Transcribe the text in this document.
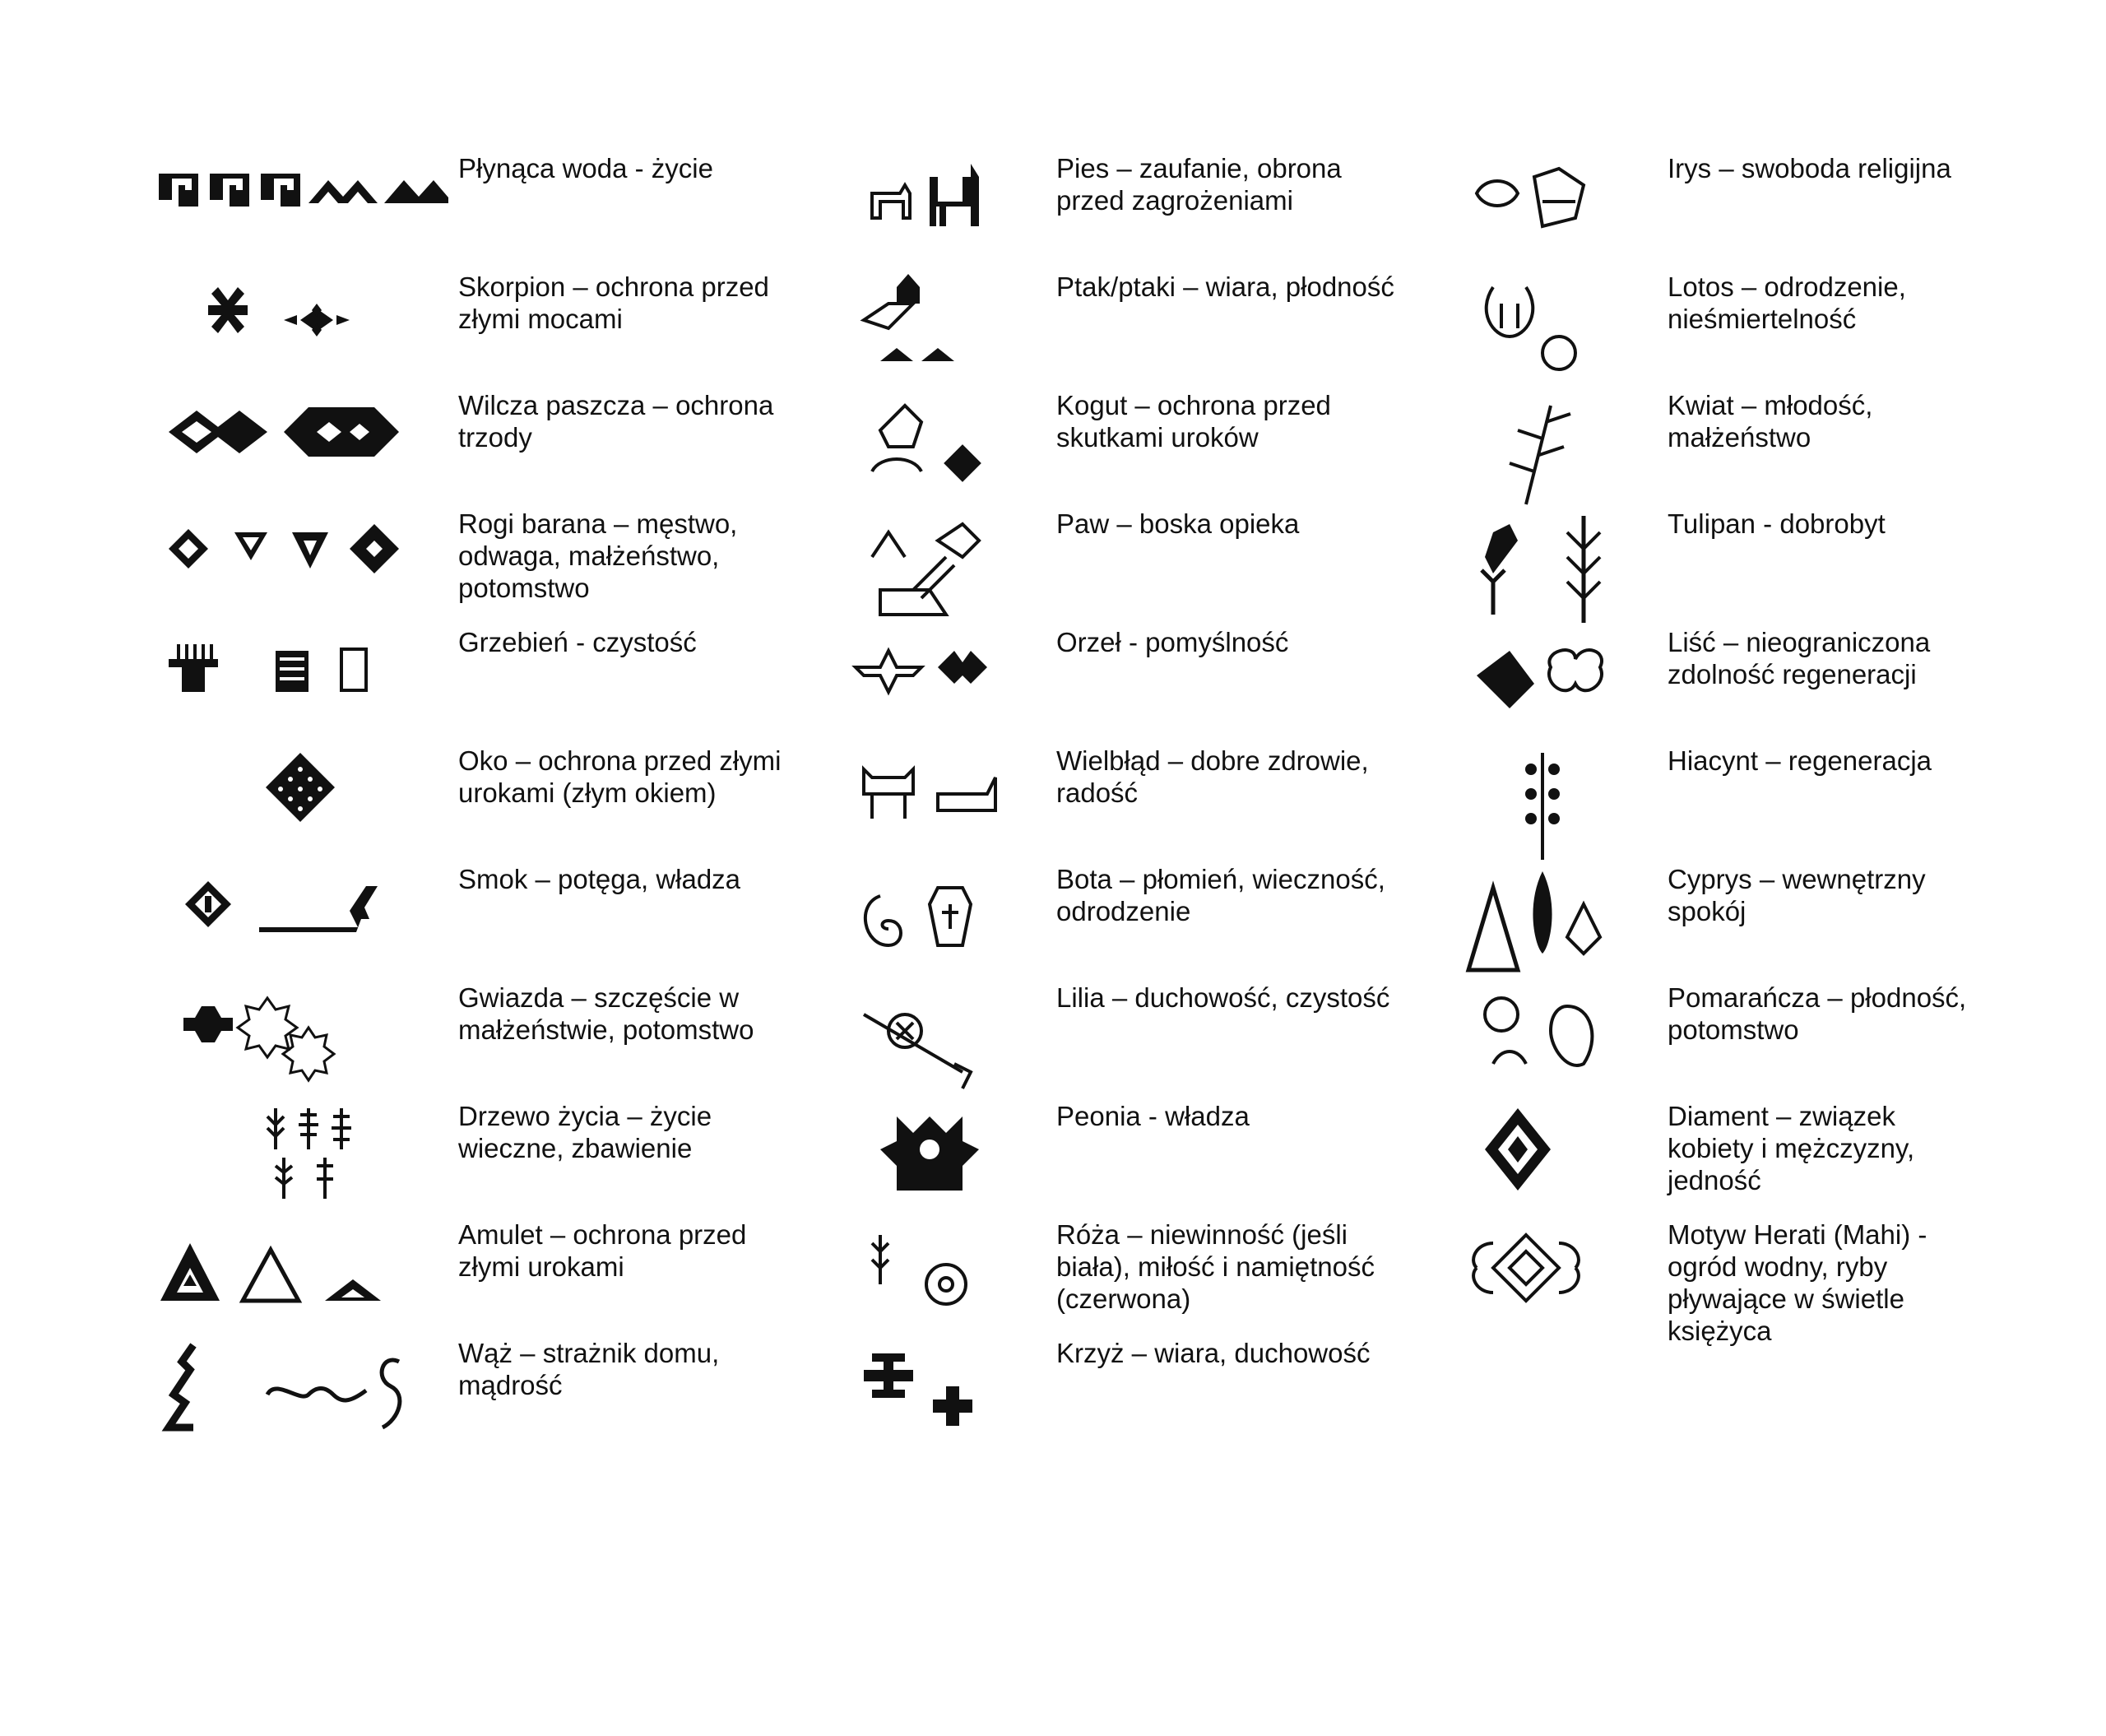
Płynąca woda - życie
Skorpion – ochrona przed
złymi mocami
Wilcza paszcza – ochrona
trzody
Rogi barana – męstwo,
odwaga, małżeństwo,
potomstwo
Grzebień - czystość
Oko – ochrona przed złymi
urokami (złym okiem)
Smok – potęga, władza
Gwiazda – szczęście w
małżeństwie, potomstwo
Drzewo życia – życie
wieczne, zbawienie
Amulet – ochrona przed
złymi urokami
Wąż – strażnik domu,
mądrość
Pies – zaufanie, obrona
przed zagrożeniami
Ptak/ptaki – wiara, płodność
Kogut – ochrona przed
skutkami uroków
Paw – boska opieka
Orzeł - pomyślność
Wielbłąd – dobre zdrowie,
radość
Bota – płomień, wieczność,
odrodzenie
Lilia – duchowość, czystość
Peonia - władza
Róża – niewinność (jeśli
biała), miłość i namiętność
(czerwona)
Krzyż – wiara, duchowość
Irys – swoboda religijna
Lotos – odrodzenie,
nieśmiertelność
Kwiat – młodość,
małżeństwo
Tulipan - dobrobyt
Liść – nieograniczona
zdolność regeneracji
Hiacynt – regeneracja
Cyprys – wewnętrzny
spokój
Pomarańcza – płodność,
potomstwo
Diament – związek
kobiety i mężczyzny,
jedność
Motyw Herati (Mahi) -
ogród wodny, ryby
pływające w świetle
księżyca
